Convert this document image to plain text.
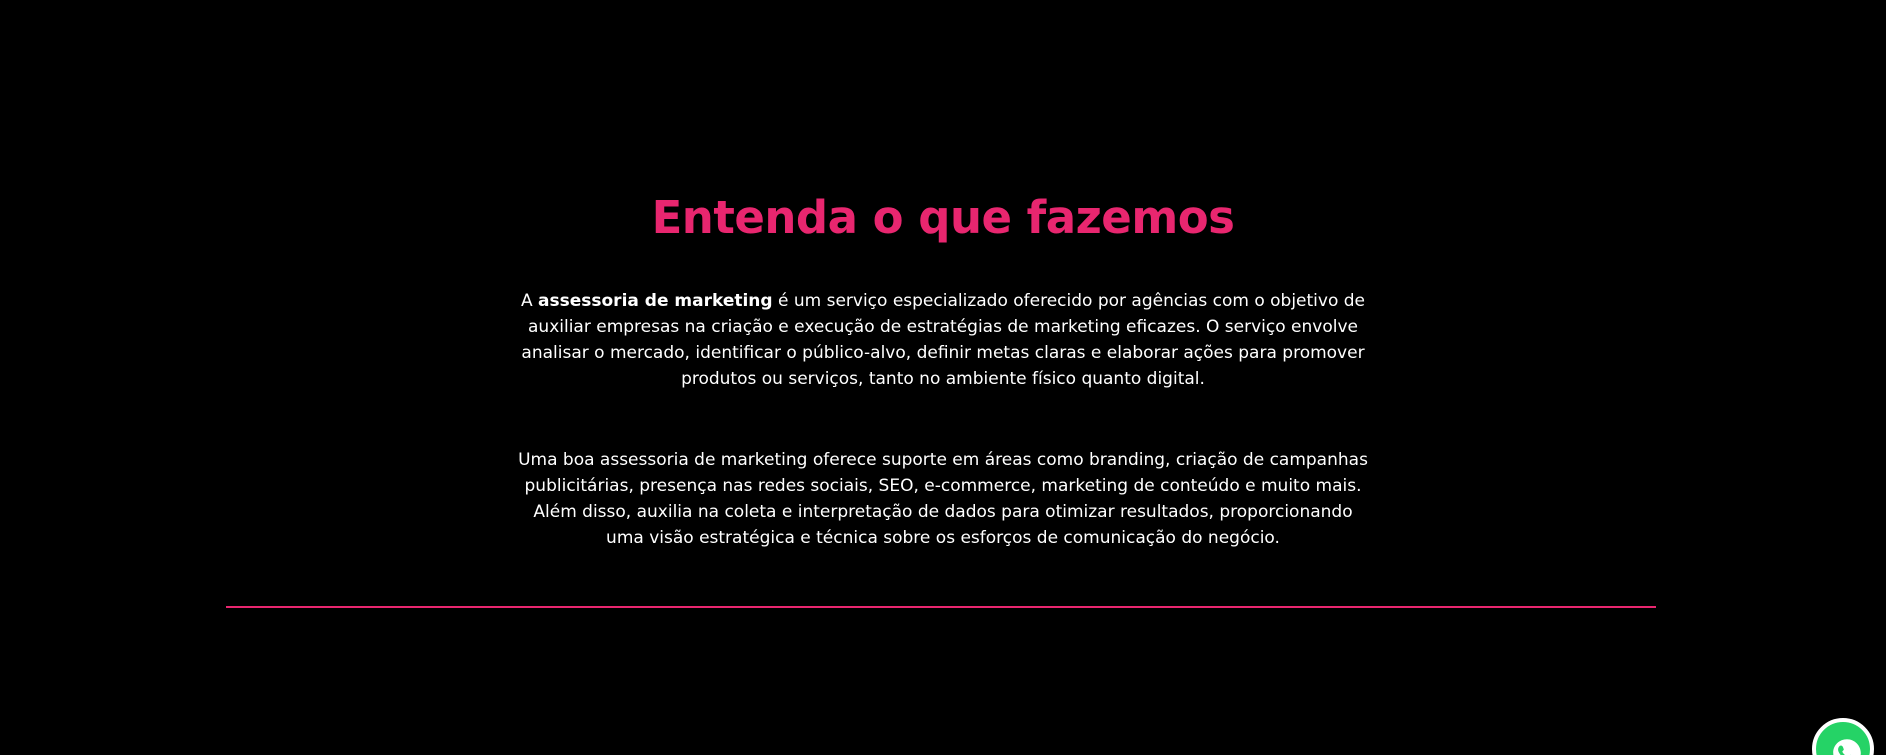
Entenda o que fazemos

A assessoria de marketing é um serviço especializado oferecido por agências com o objetivo de auxiliar empresas na criação e execução de estratégias de marketing eficazes. O serviço envolve analisar o mercado, identificar o público-alvo, definir metas claras e elaborar ações para promover produtos ou serviços, tanto no ambiente físico quanto digital.

Uma boa assessoria de marketing oferece suporte em áreas como branding, criação de campanhas publicitárias, presença nas redes sociais, SEO, e-commerce, marketing de conteúdo e muito mais. Além disso, auxilia na coleta e interpretação de dados para otimizar resultados, proporcionando uma visão estratégica e técnica sobre os esforços de comunicação do negócio.
